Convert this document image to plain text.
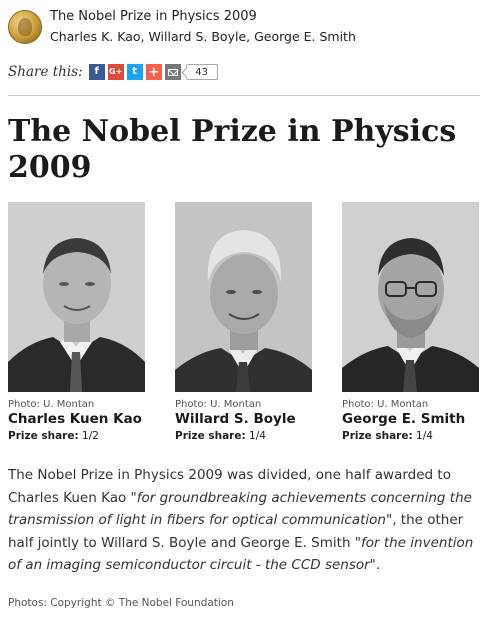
The Nobel Prize in Physics 2009
Charles K. Kao, Willard S. Boyle, George E. Smith
Share this:	f	G+ t +	43
The Nobel Prize in Physics 2009
Photo: U. Montan
Charles Kuen Kao
Prize share: 1/2
Photo: U. Montan
Willard S. Boyle
Prize share: 1/4
Photo: U. Montan
George E. Smith
Prize share: 1/4

The Nobel Prize in Physics 2009 was divided, one half awarded to Charles Kuen Kao "for groundbreaking achievements concerning the transmission of light in fibers for optical communication", the other half jointly to Willard S. Boyle and George E. Smith "for the invention of an imaging semiconductor circuit - the CCD sensor".

Photos: Copyright © The Nobel Foundation
